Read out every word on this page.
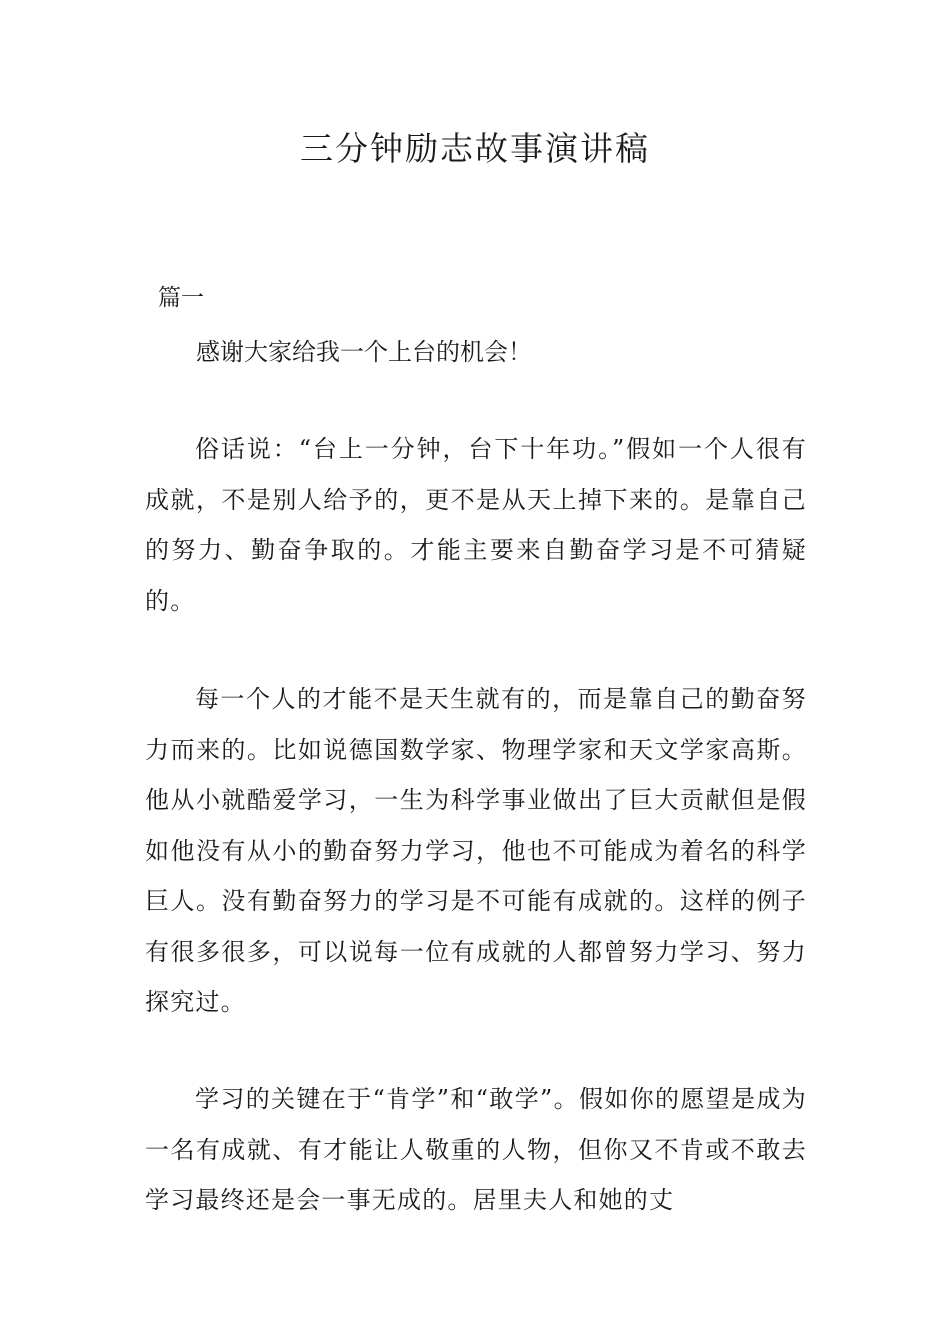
三分钟励志故事演讲稿

篇一

感谢大家给我一个上台的机会！

俗话说：“台上一分钟，台下十年功。”假如一个人很有成就，不是别人给予的，更不是从天上掉下来的。是靠自己的努力、勤奋争取的。才能主要来自勤奋学习是不可猜疑的。

每一个人的才能不是天生就有的，而是靠自己的勤奋努力而来的。比如说德国数学家、物理学家和天文学家高斯。他从小就酷爱学习，一生为科学事业做出了巨大贡献但是假如他没有从小的勤奋努力学习，他也不可能成为着名的科学巨人。没有勤奋努力的学习是不可能有成就的。这样的例子有很多很多，可以说每一位有成就的人都曾努力学习、努力探究过。

学习的关键在于“肯学”和“敢学”。假如你的愿望是成为一名有成就、有才能让人敬重的人物，但你又不肯或不敢去学习最终还是会一事无成的。居里夫人和她的丈
